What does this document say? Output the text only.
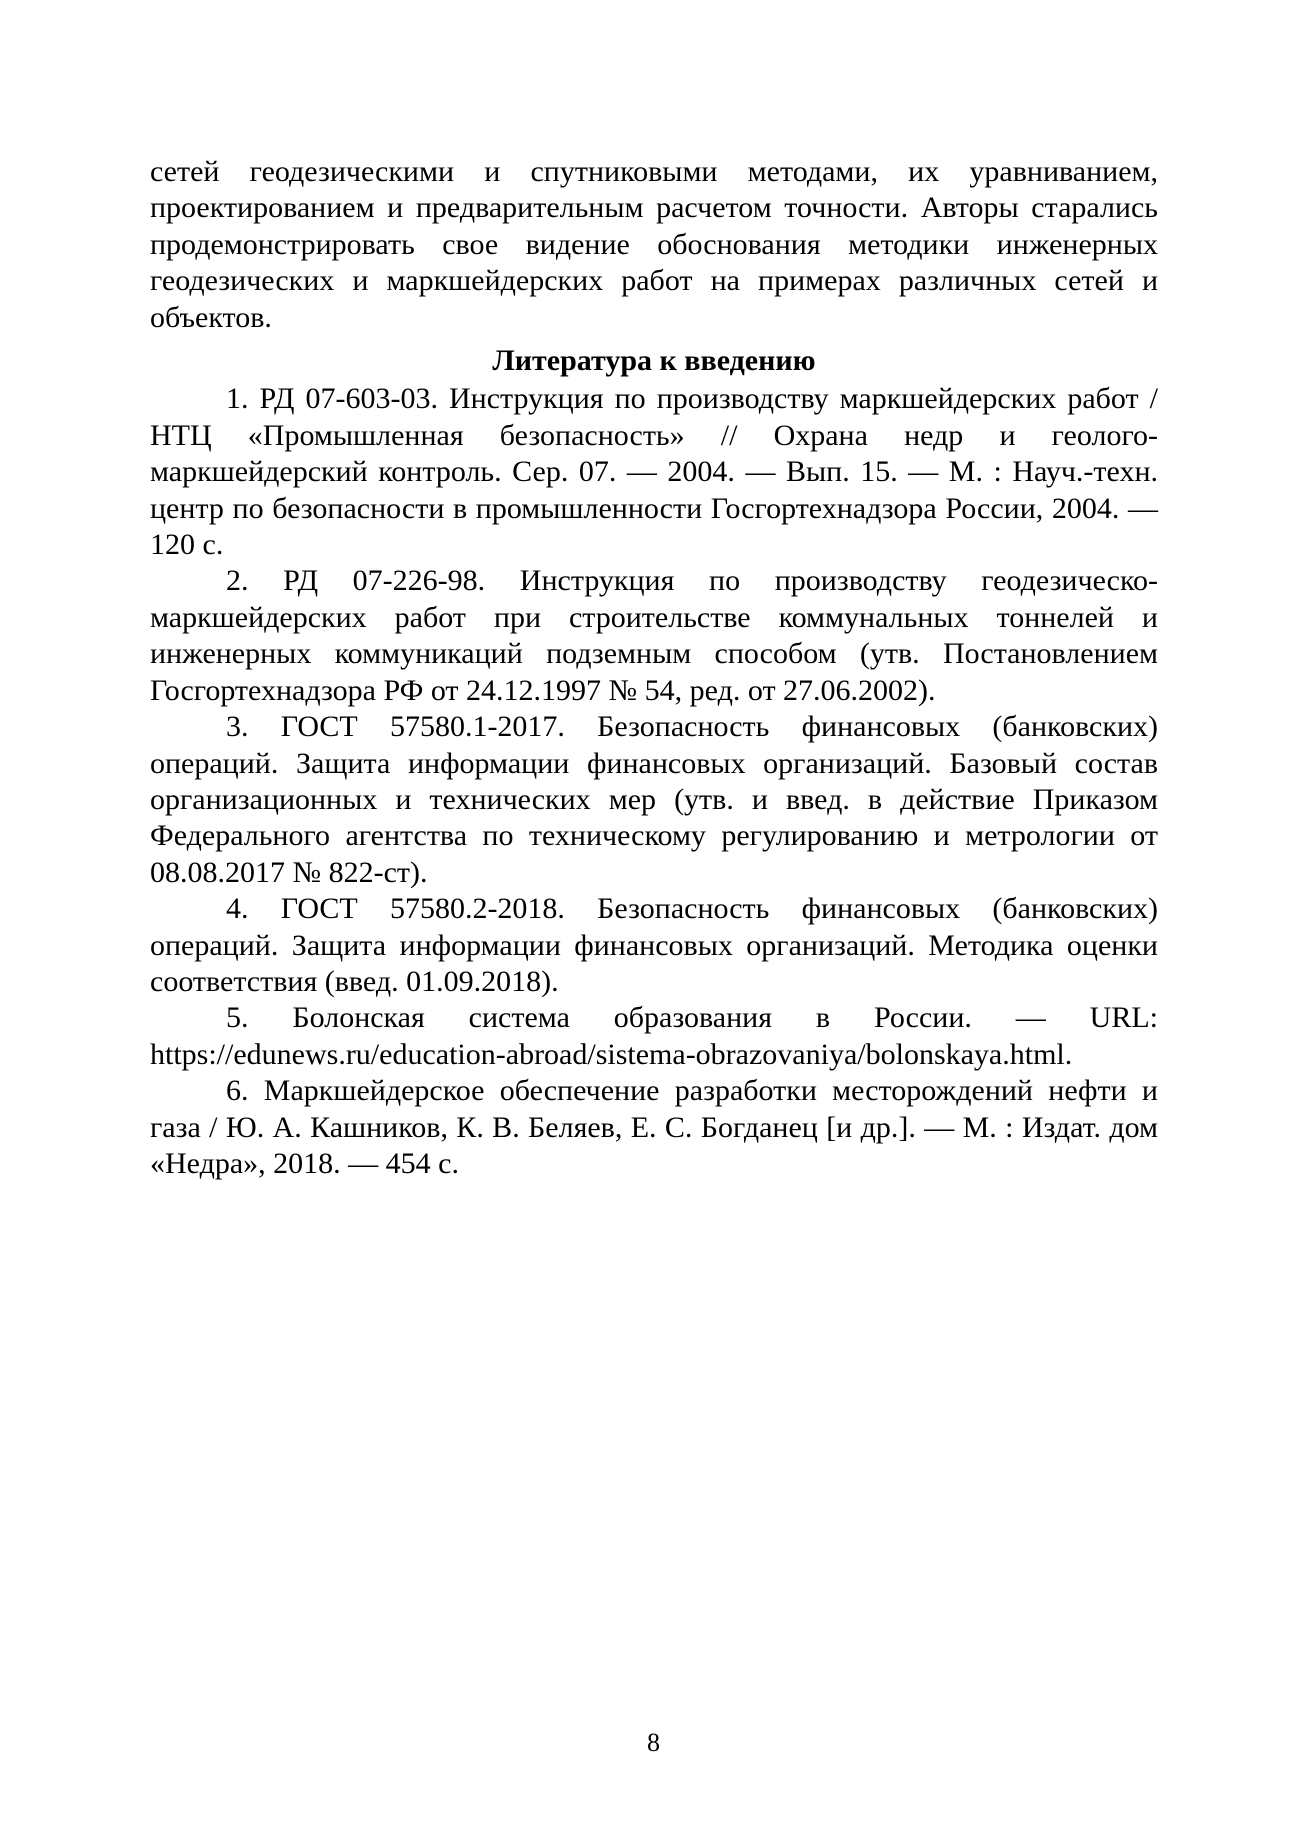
сетей геодезическими и спутниковыми методами, их уравниванием, проектированием и предварительным расчетом точности. Авторы старались продемонстрировать свое видение обоснования методики инженерных геодезических и маркшейдерских работ на примерах различных сетей и объектов.

Литература к введению
1. РД 07-603-03. Инструкция по производству маркшейдерских работ / НТЦ «Промышленная безопасность» // Охрана недр и геолого-маркшейдерский контроль. Сер. 07. — 2004. — Вып. 15. — М. : Науч.-техн. центр по безопасности в промышленности Госгортехнадзора России, 2004. — 120 с.
2. РД 07-226-98. Инструкция по производству геодезическо-маркшейдерских работ при строительстве коммунальных тоннелей и инженерных коммуникаций подземным способом (утв. Постановлением Госгортехнадзора РФ от 24.12.1997 № 54, ред. от 27.06.2002).
3. ГОСТ 57580.1-2017. Безопасность финансовых (банковских) операций. Защита информации финансовых организаций. Базовый состав организационных и технических мер (утв. и введ. в действие Приказом Федерального агентства по техническому регулированию и метрологии от 08.08.2017 № 822-ст).
4. ГОСТ 57580.2-2018. Безопасность финансовых (банковских) операций. Защита информации финансовых организаций. Методика оценки соответствия (введ. 01.09.2018).
5. Болонская система образования в России. — URL: https://edunews.ru/education-abroad/sistema-obrazovaniya/bolonskaya.html.
6. Маркшейдерское обеспечение разработки месторождений нефти и газа / Ю. А. Кашников, К. В. Беляев, Е. С. Богданец [и др.]. — М. : Издат. дом «Недра», 2018. — 454 с.
8
